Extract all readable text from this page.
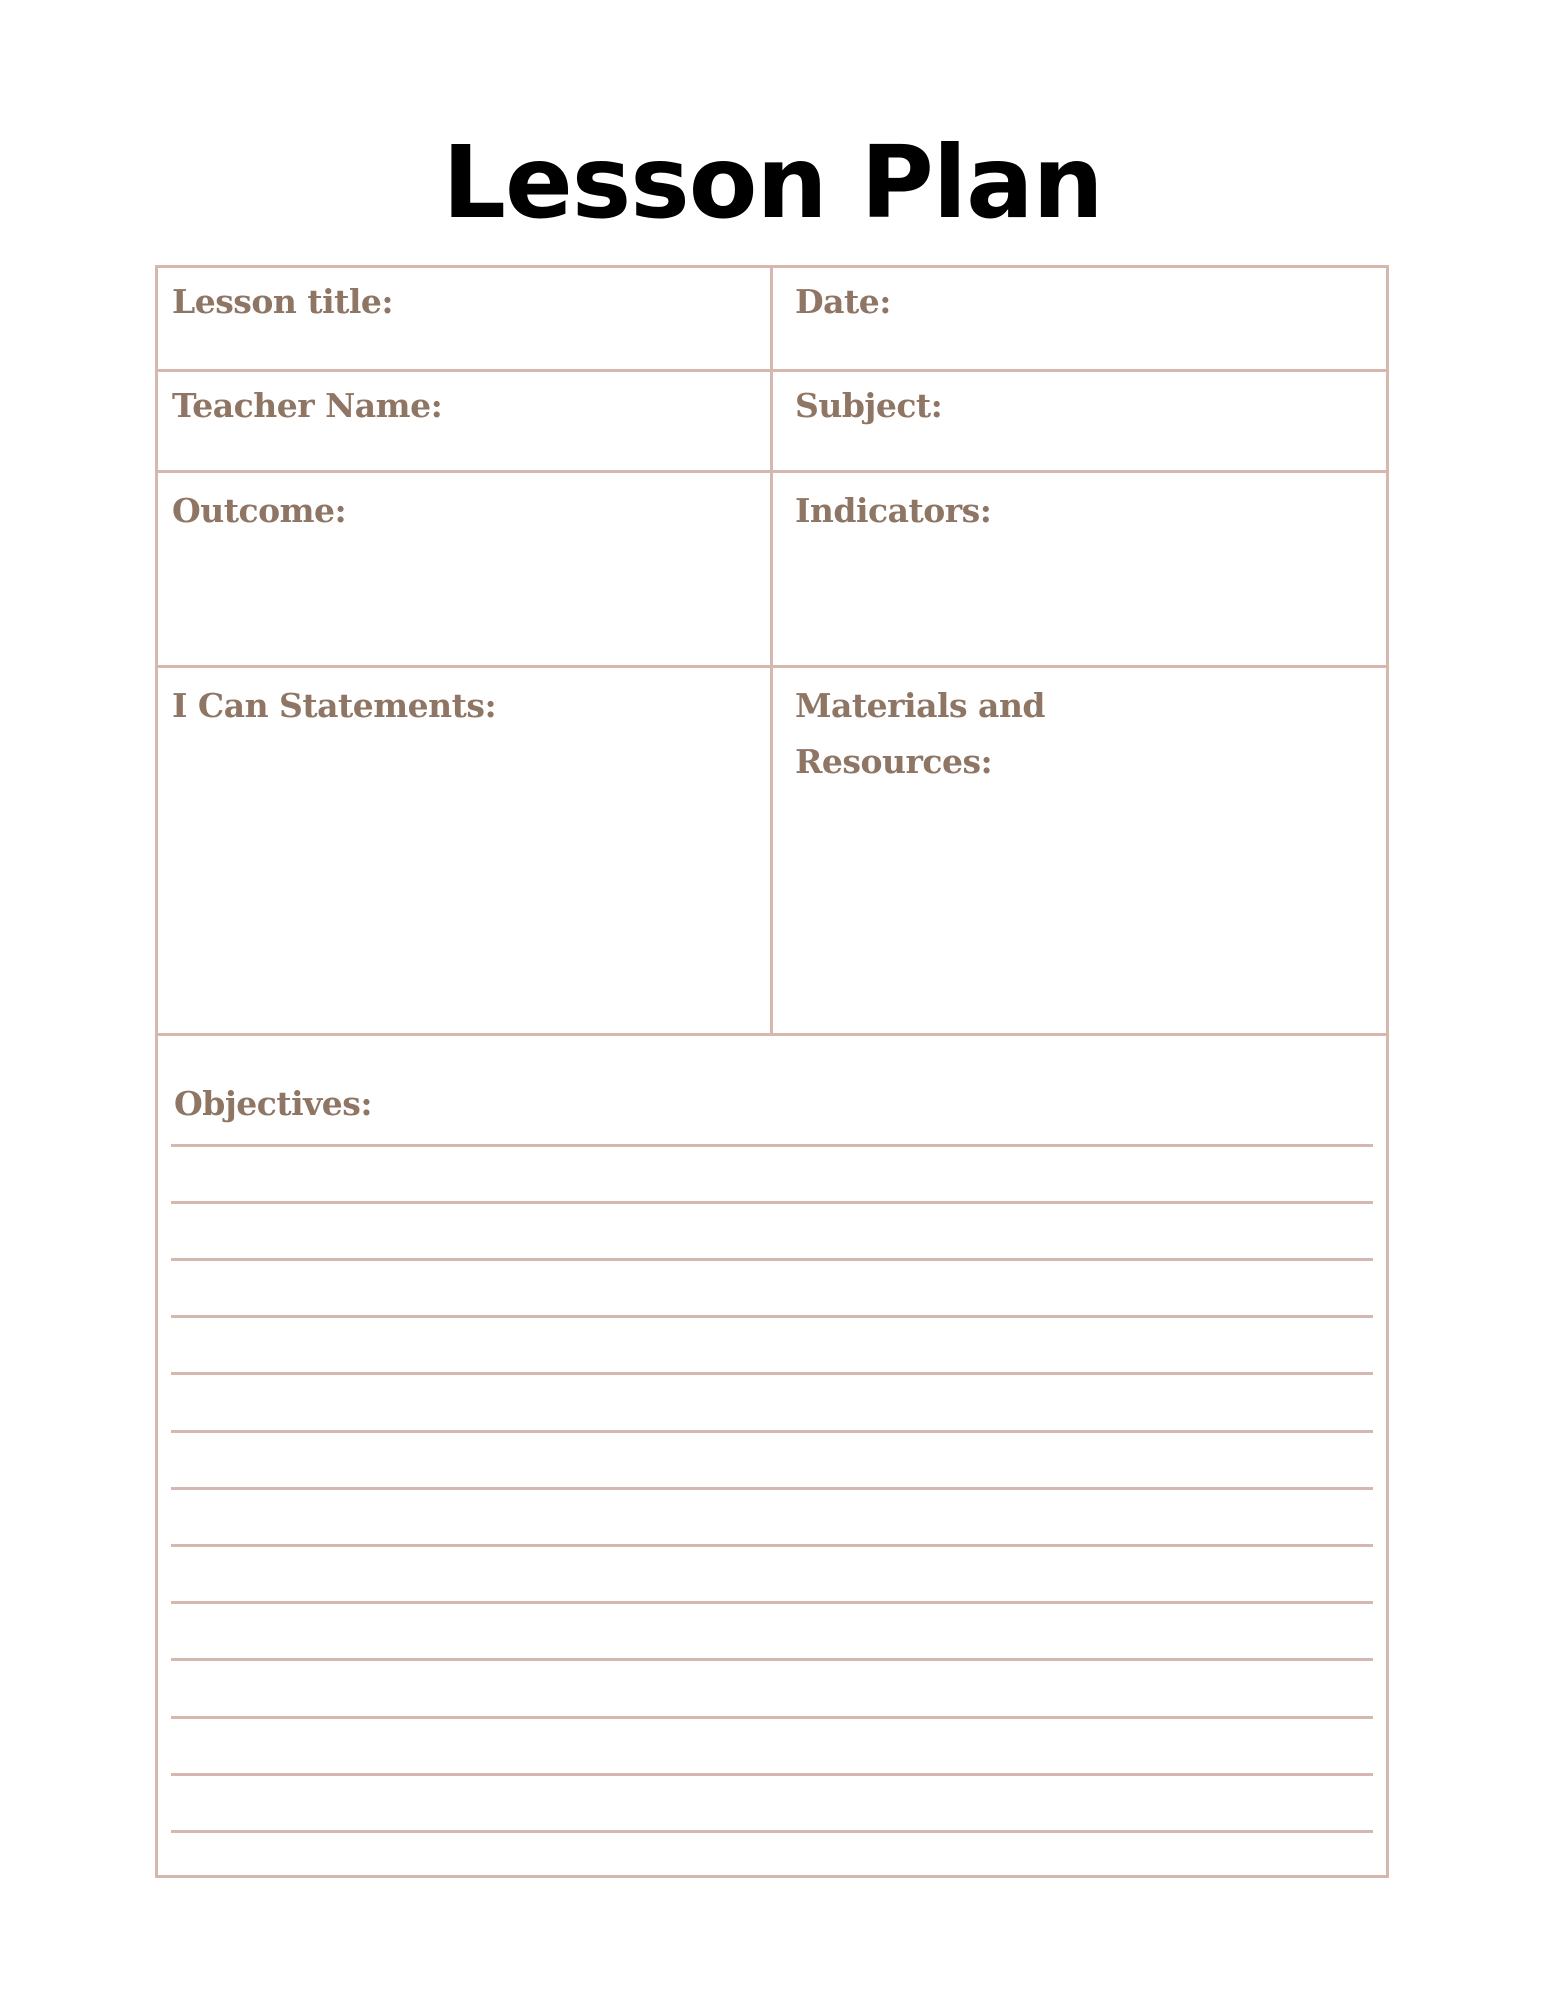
Lesson Plan
Lesson title:	Date:
Teacher Name:	Subject:
Outcome:	Indicators:
I Can Statements:	Materials and
Resources:
Objectives:
